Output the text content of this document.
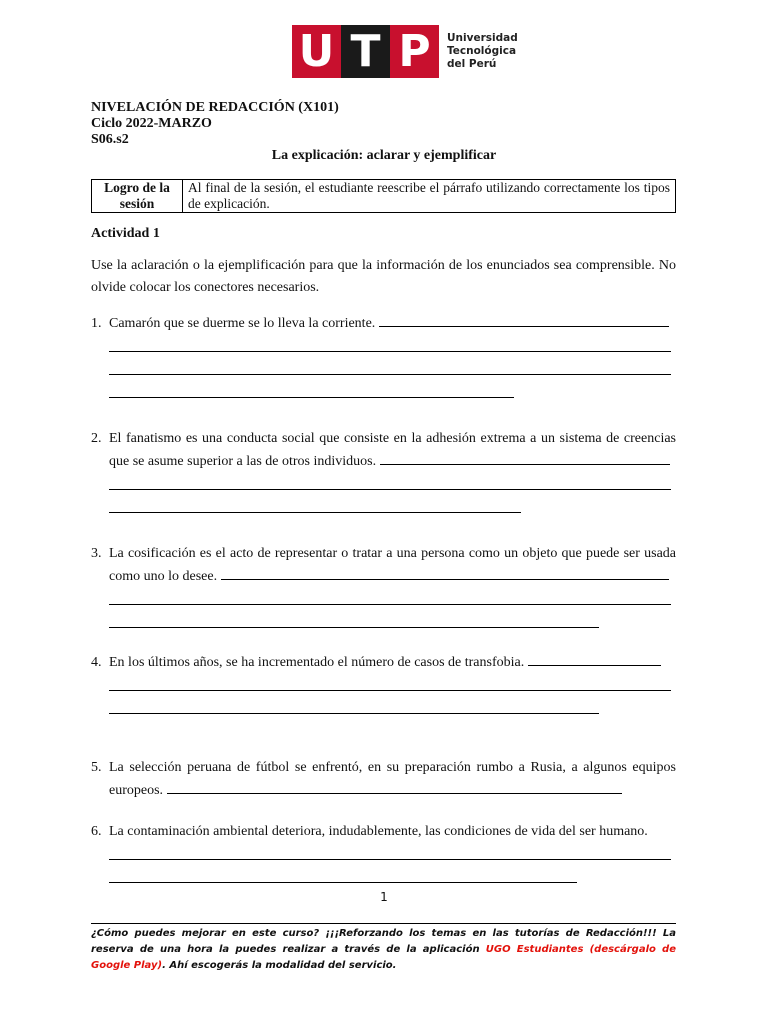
U T P	Universidad
Tecnológica
del Perú
NIVELACIÓN DE REDACCIÓN (X101)
Ciclo 2022-MARZO
S06.s2
La explicación: aclarar y ejemplificar
Logro de la sesión	Al final de la sesión, el estudiante reescribe el párrafo utilizando correctamente los tipos de explicación.
Actividad 1
Use la aclaración o la ejemplificación para que la información de los enunciados sea comprensible. No olvide colocar los conectores necesarios.
1. Camarón que se duerme se lo lleva la corriente.
2. El fanatismo es una conducta social que consiste en la adhesión extrema a un sistema de creencias que se asume superior a las de otros individuos.
3. La cosificación es el acto de representar o tratar a una persona como un objeto que puede ser usada como uno lo desee.
4. En los últimos años, se ha incrementado el número de casos de transfobia.
5. La selección peruana de fútbol se enfrentó, en su preparación rumbo a Rusia, a algunos equipos europeos.
6. La contaminación ambiental deteriora, indudablemente, las condiciones de vida del ser humano.
1
¿Cómo puedes mejorar en este curso? ¡¡¡Reforzando los temas en las tutorías de Redacción!!! La reserva de una hora la puedes realizar a través de la aplicación UGO Estudiantes (descárgalo de Google Play). Ahí escogerás la modalidad del servicio.
